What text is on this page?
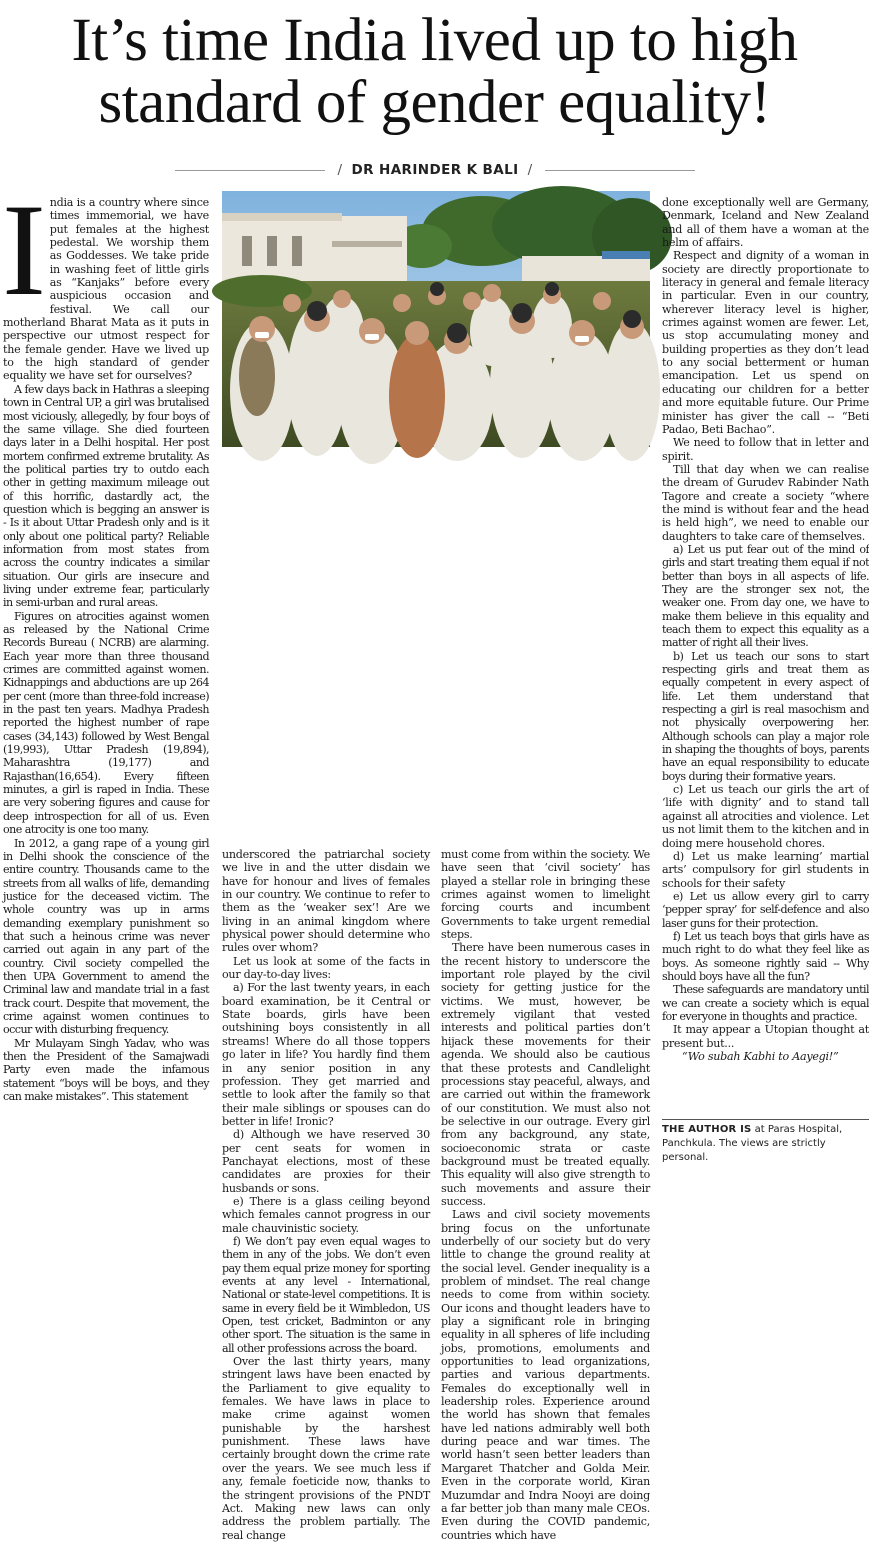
It’s time India lived up to high
standard of gender equality!
/ DR HARINDER K BALI /
I ndia is a country where since times immemorial, we have put females at the highest pedestal. We worship them as Goddesses. We take pride in washing feet of little girls as “Kanjaks” before every auspicious occasion and festival. We call our motherland Bharat Mata as it puts in perspective our utmost respect for the female gender. Have we lived up to the high standard of gender equality we have set for ourselves?

A few days back in Hathras a sleeping town in Central UP, a girl was brutalised most viciously, allegedly, by four boys of the same village. She died fourteen days later in a Delhi hospital. Her post mortem confirmed extreme brutality. As the political parties try to outdo each other in getting maximum mileage out of this horrific, dastardly act, the question which is begging an answer is - Is it about Uttar Pradesh only and is it only about one political party? Reliable information from most states from across the country indicates a similar situation. Our girls are insecure and living under extreme fear, particularly in semi-urban and rural areas.

Figures on atrocities against women as released by the National Crime Records Bureau ( NCRB) are alarming. Each year more than three thousand crimes are committed against women. Kidnappings and abductions are up 264 per cent (more than three-fold increase) in the past ten years. Madhya Pradesh reported the highest number of rape cases (34,143) followed by West Bengal (19,993), Uttar Pradesh (19,894), Maharashtra (19,177) and Rajasthan(16,654). Every fifteen minutes, a girl is raped in India. These are very sobering figures and cause for deep introspection for all of us. Even one atrocity is one too many.

In 2012, a gang rape of a young girl in Delhi shook the conscience of the entire country. Thousands came to the streets from all walks of life, demanding justice for the deceased victim. The whole country was up in arms demanding exemplary punishment so that such a heinous crime was never carried out again in any part of the country. Civil society compelled the then UPA Government to amend the Criminal law and mandate trial in a fast track court. Despite that movement, the crime against women continues to occur with disturbing frequency.

Mr Mulayam Singh Yadav, who was then the President of the Samajwadi Party even made the infamous statement “boys will be boys, and they can make mistakes”. This statement

underscored the patriarchal society we live in and the utter disdain we have for honour and lives of females in our country. We continue to refer to them as the ‘weaker sex’! Are we living in an animal kingdom where physical power should determine who rules over whom?

Let us look at some of the facts in our day-to-day lives:

a) For the last twenty years, in each board examination, be it Central or State boards, girls have been outshining boys consistently in all streams! Where do all those toppers go later in life? You hardly find them in any senior position in any profession. They get married and settle to look after the family so that their male siblings or spouses can do better in life! Ironic?

d) Although we have reserved 30 per cent seats for women in Panchayat elections, most of these candidates are proxies for their husbands or sons.

e) There is a glass ceiling beyond which females cannot progress in our male chauvinistic society.

f) We don’t pay even equal wages to them in any of the jobs. We don’t even pay them equal prize money for sporting events at any level - International, National or state-level competitions. It is same in every field be it Wimbledon, US Open, test cricket, Badminton or any other sport. The situation is the same in all other professions across the board.

Over the last thirty years, many stringent laws have been enacted by the Parliament to give equality to females. We have laws in place to make crime against women punishable by the harshest punishment. These laws have certainly brought down the crime rate over the years. We see much less if any, female foeticide now, thanks to the stringent provisions of the PNDT Act. Making new laws can only address the problem partially. The real change

must come from within the society. We have seen that ‘civil society’ has played a stellar role in bringing these crimes against women to limelight forcing courts and incumbent Governments to take urgent remedial steps.

There have been numerous cases in the recent history to underscore the important role played by the civil society for getting justice for the victims. We must, however, be extremely vigilant that vested interests and political parties don’t hijack these movements for their agenda. We should also be cautious that these protests and Candlelight processions stay peaceful, always, and are carried out within the framework of our constitution. We must also not be selective in our outrage. Every girl from any background, any state, socioeconomic strata or caste background must be treated equally. This equality will also give strength to such movements and assure their success.

Laws and civil society movements bring focus on the unfortunate underbelly of our society but do very little to change the ground reality at the social level. Gender inequality is a problem of mindset. The real change needs to come from within society. Our icons and thought leaders have to play a significant role in bringing equality in all spheres of life including jobs, promotions, emoluments and opportunities to lead organizations, parties and various departments. Females do exceptionally well in leadership roles. Experience around the world has shown that females have led nations admirably well both during peace and war times. The world hasn’t seen better leaders than Margaret Thatcher and Golda Meir. Even in the corporate world, Kiran Muzumdar and Indra Nooyi are doing a far better job than many male CEOs. Even during the COVID pandemic, countries which have

done exceptionally well are Germany, Denmark, Iceland and New Zealand and all of them have a woman at the helm of affairs.

Respect and dignity of a woman in society are directly proportionate to literacy in general and female literacy in particular. Even in our country, wherever literacy level is higher, crimes against women are fewer. Let, us stop accumulating money and building properties as they don’t lead to any social betterment or human emancipation. Let us spend on educating our children for a better and more equitable future. Our Prime minister has giver the call -- “Beti Padao, Beti Bachao”.

We need to follow that in letter and spirit.

Till that day when we can realise the dream of Gurudev Rabinder Nath Tagore and create a society “where the mind is without fear and the head is held high”, we need to enable our daughters to take care of themselves.

a) Let us put fear out of the mind of girls and start treating them equal if not better than boys in all aspects of life. They are the stronger sex not, the weaker one. From day one, we have to make them believe in this equality and teach them to expect this equality as a matter of right all their lives.

b) Let us teach our sons to start respecting girls and treat them as equally competent in every aspect of life. Let them understand that respecting a girl is real masochism and not physically overpowering her. Although schools can play a major role in shaping the thoughts of boys, parents have an equal responsibility to educate boys during their formative years.

c) Let us teach our girls the art of ‘life with dignity’ and to stand tall against all atrocities and violence. Let us not limit them to the kitchen and in doing mere household chores.

d) Let us make learning’ martial arts’ compulsory for girl students in schools for their safety

e) Let us allow every girl to carry ‘pepper spray’ for self-defence and also laser guns for their protection.

f) Let us teach boys that girls have as much right to do what they feel like as boys. As someone rightly said -- Why should boys have all the fun?

These safeguards are mandatory until we can create a society which is equal for everyone in thoughts and practice.

It may appear a Utopian thought at present but...

“Wo subah Kabhi to Aayegi!”

THE AUTHOR IS at Paras Hospital, Panchkula. The views are strictly personal.
